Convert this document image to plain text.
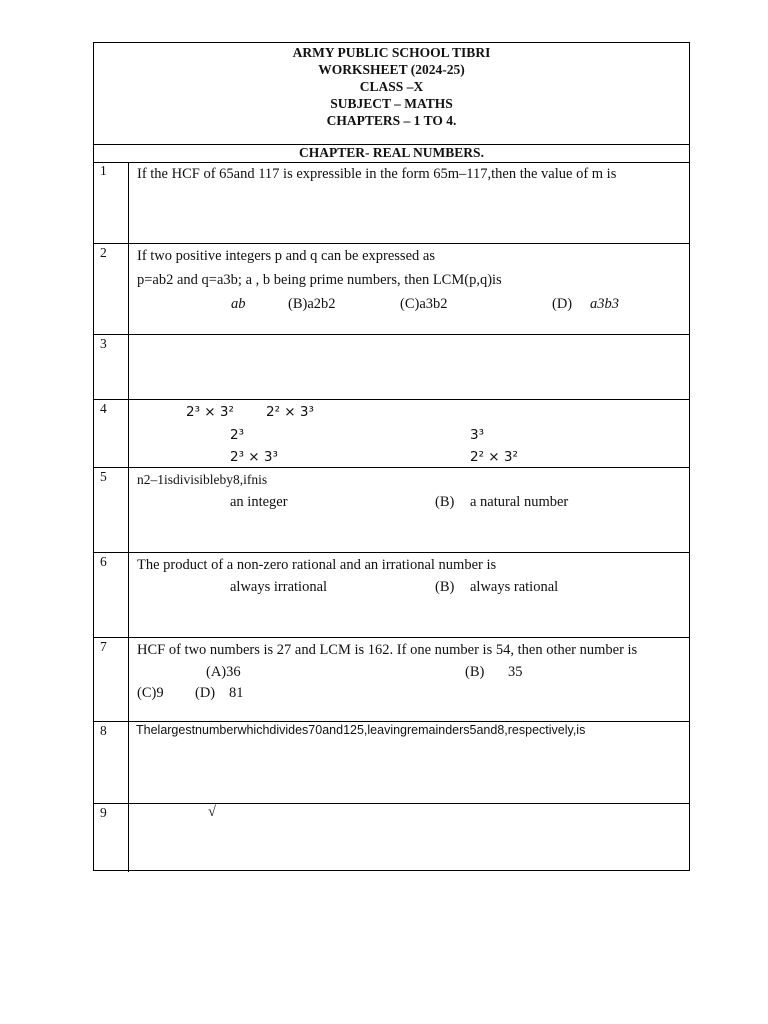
ARMY PUBLIC SCHOOL TIBRI
WORKSHEET (2024-25)
CLASS –X
SUBJECT – MATHS
CHAPTERS – 1 TO 4.
CHAPTER- REAL NUMBERS.
1	If the HCF of 65and 117 is expressible in the form 65m–117,then the value of m is
2	If two positive integers p and q can be expressed as
p=ab2 and q=a3b; a , b being prime numbers, then LCM(p,q)is
ab	(B)a2b2	(C)a3b2	(D) a3b3
3
4	2³ × 3² 2² × 3³
2³	3³
2³ × 3³	2² × 3²
5	n2–1isdivisibleby8,ifnis
an integer	(B) a natural number
6	The product of a non-zero rational and an irrational number is
always irrational	(B) always rational
7	HCF of two numbers is 27 and LCM is 162. If one number is 54, then other number is
(A)36	(B) 35
(C)9 (D) 81
8	Thelargestnumberwhichdivides70and125,leavingremainders5and8,respectively,is
9	√
